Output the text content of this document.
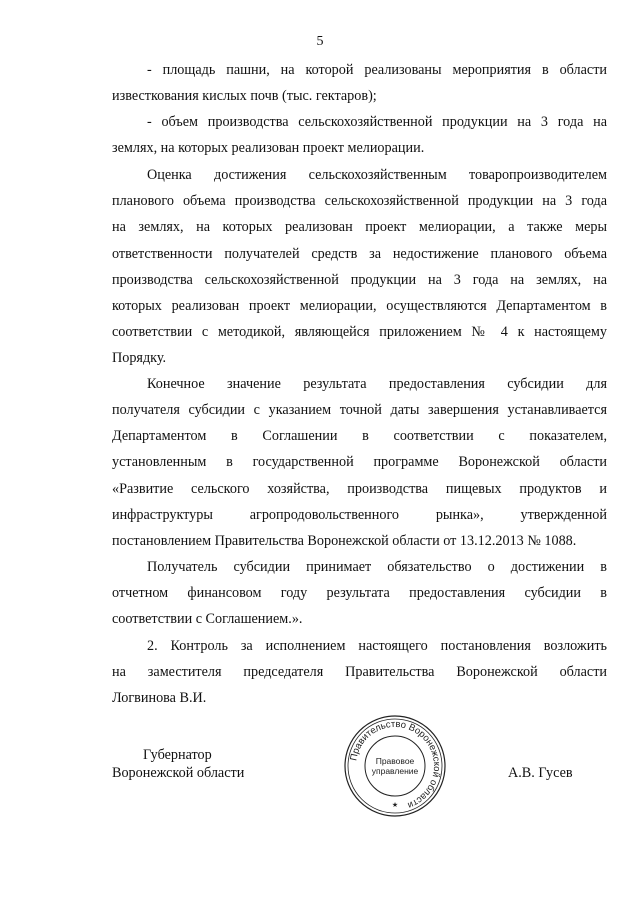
5
- площадь пашни, на которой реализованы мероприятия в области
известкования кислых почв (тыс. гектаров);
- объем производства сельскохозяйственной продукции на 3 года на
землях, на которых реализован проект мелиорации.
Оценка достижения сельскохозяйственным товаропроизводителем
планового объема производства сельскохозяйственной продукции на 3 года
на землях, на которых реализован проект мелиорации, а также меры
ответственности получателей средств за недостижение планового объема
производства сельскохозяйственной продукции на 3 года на землях, на
которых реализован проект мелиорации, осуществляются Департаментом в
соответствии с методикой, являющейся приложением № 4 к настоящему
Порядку.
Конечное значение результата предоставления субсидии для
получателя субсидии с указанием точной даты завершения устанавливается
Департаментом в Соглашении в соответствии с показателем,
установленным в государственной программе Воронежской области
«Развитие сельского хозяйства, производства пищевых продуктов и
инфраструктуры агропродовольственного рынка», утвержденной
постановлением Правительства Воронежской области от 13.12.2013 № 1088.
Получатель субсидии принимает обязательство о достижении в
отчетном финансовом году результата предоставления субсидии в
соответствии с Соглашением.».
2. Контроль за исполнением настоящего постановления возложить
на заместителя председателя Правительства Воронежской области
Логвинова В.И.
Губернатор
Воронежской области	А.В. Гусев
Правительство Воронежской области
Правовое
управление
★
